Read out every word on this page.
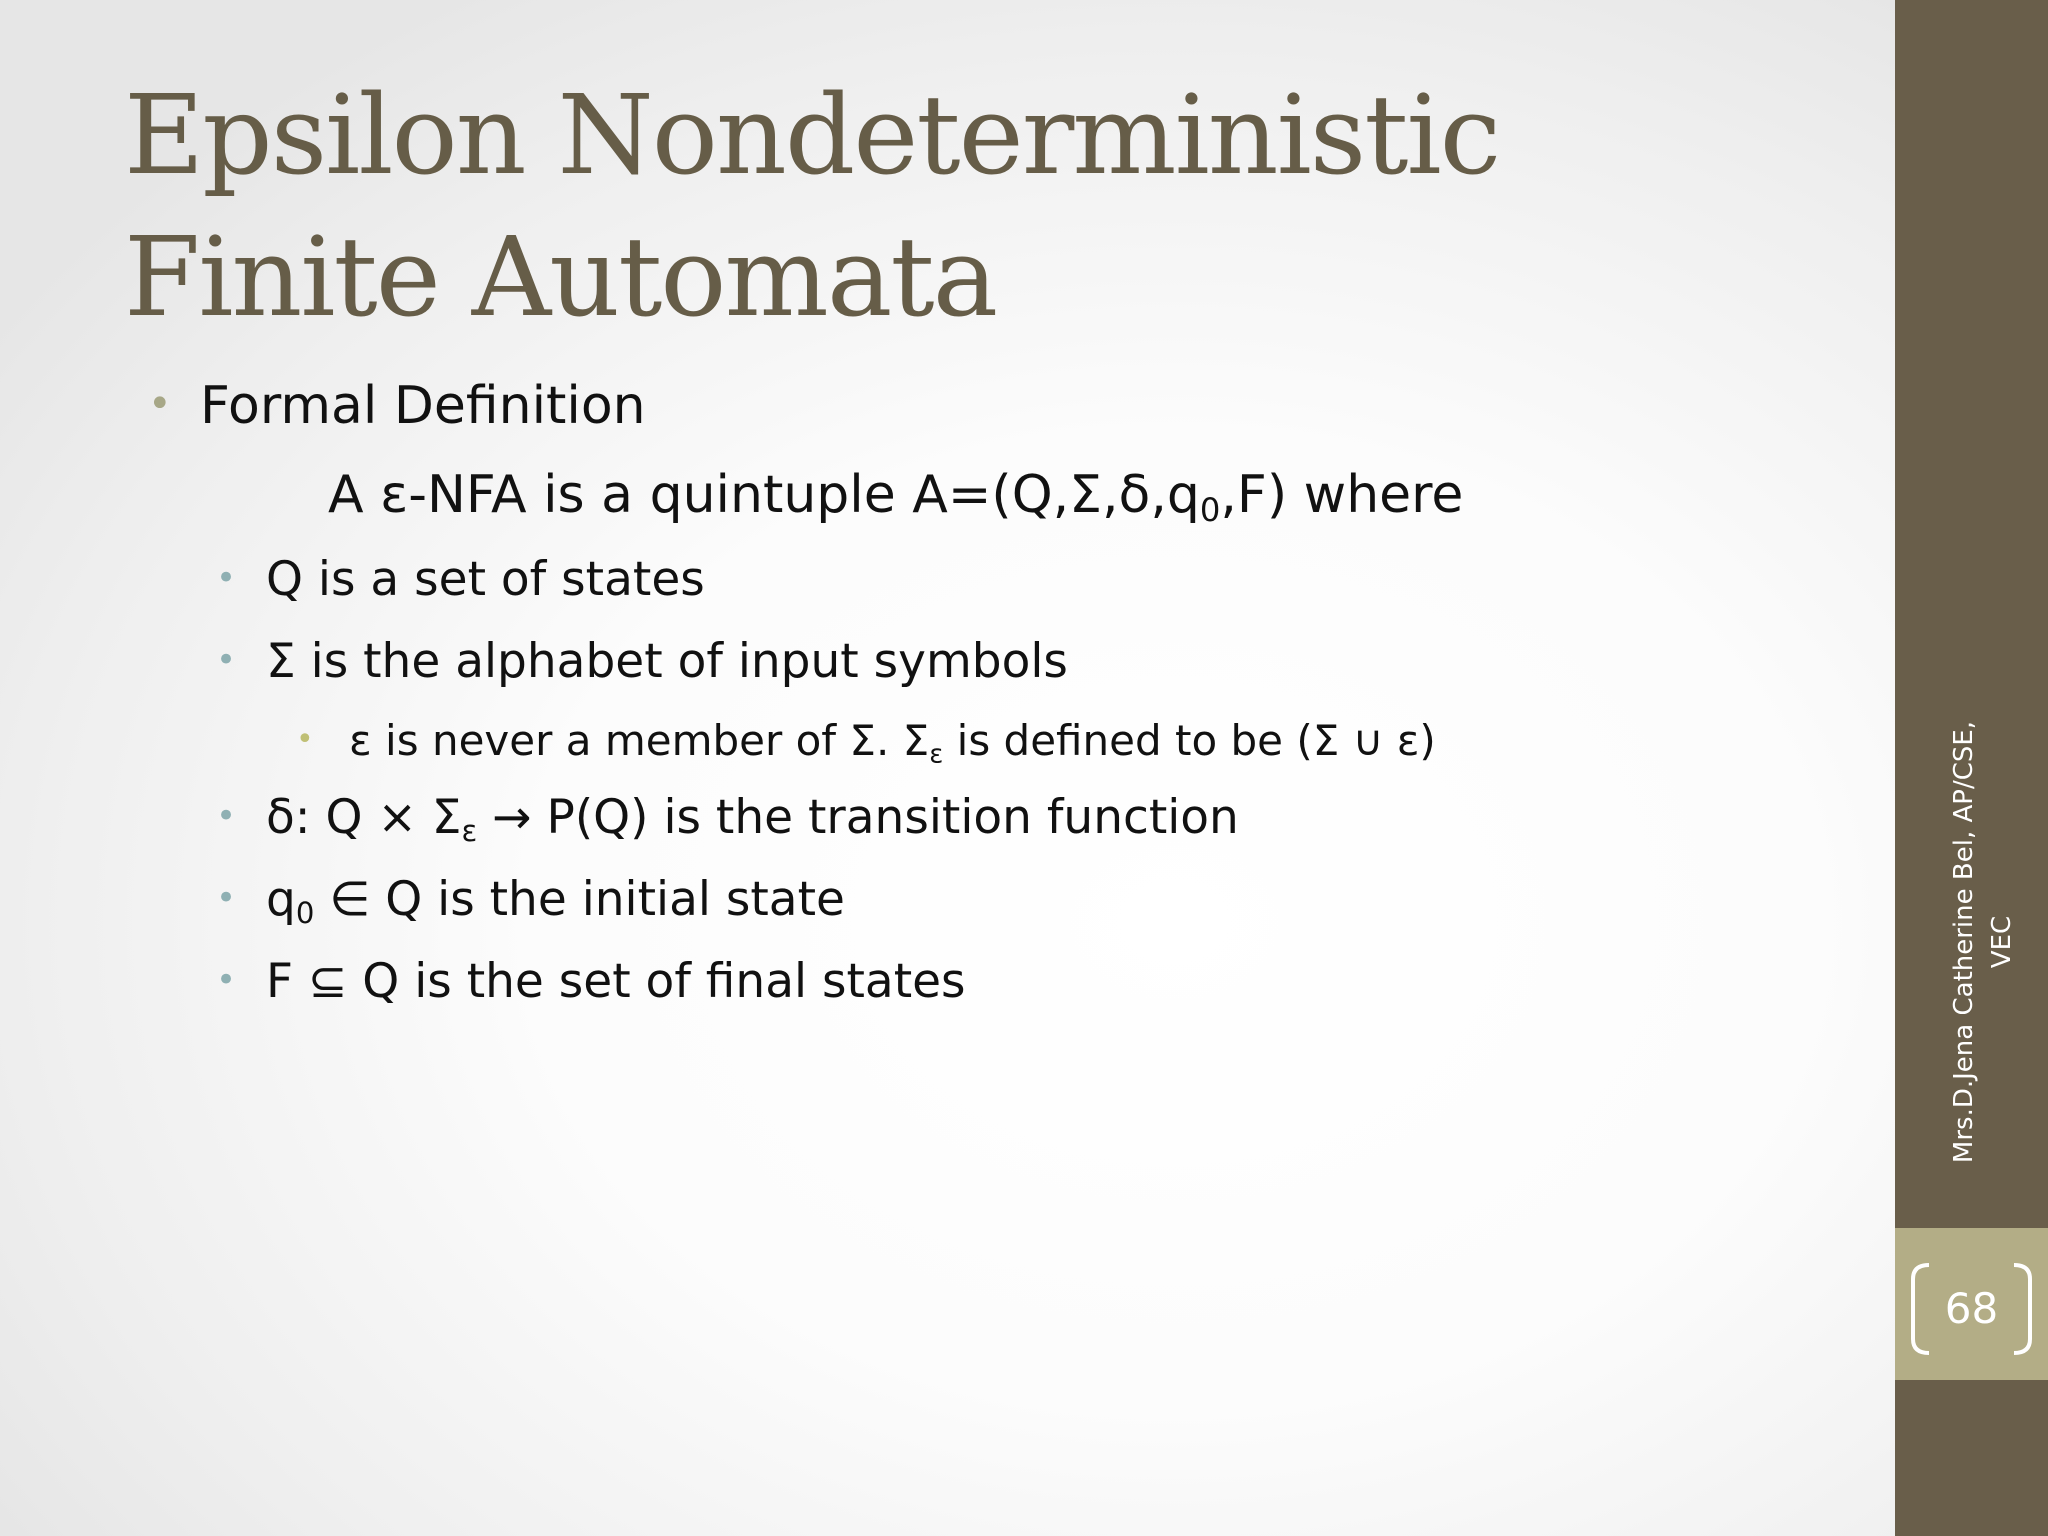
68
Mrs.D.Jena Catherine Bel, AP/CSE, VEC
Epsilon Nondeterministic Finite Automata
• Formal Definition
A ε-NFA is a quintuple $A=(Q,\Sigma,\delta,q_0,F)$ where
• Q is a set of states
• Σ is the alphabet of input symbols
• ε is never a member of Σ. $\Sigma_\varepsilon$ is defined to be (Σ ∪ ε)
• δ: $Q \times \Sigma_\varepsilon \to P(Q)$ is the transition function
• $q_0$ ∈ Q is the initial state
• F ⊆ Q is the set of final states
